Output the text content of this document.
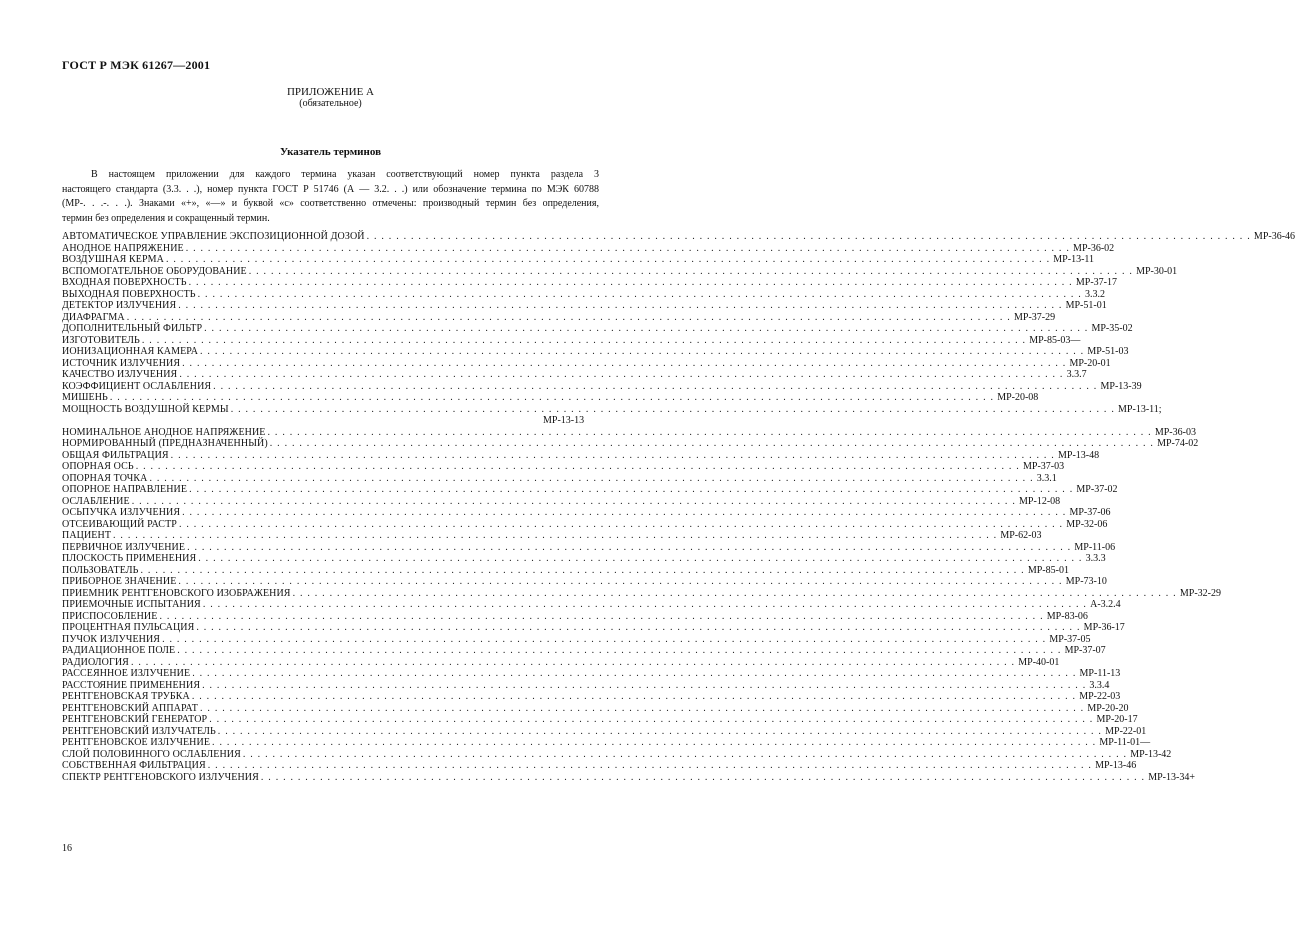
ГОСТ Р МЭК 61267—2001
ПРИЛОЖЕНИЕ А
(обязательное)
Указатель терминов
В настоящем приложении для каждого термина указан соответствующий номер пункта раздела 3
настоящего стандарта (3.3. . .), номер пункта ГОСТ Р 51746 (А — 3.2. . .) или обозначение термина по МЭК 60788
(МР-. . .-. . .). Знаками «+», «—» и буквой «с» соответственно отмечены: производный термин без определения,
термин без определения и сокращенный термин.
АВТОМАТИЧЕСКОЕ УПРАВЛЕНИЕ ЭКСПОЗИЦИОННОЙ ДОЗОЙ . . . . . . . . . . . . . . . . . . . . . . . . . . . . . . . . . . . . . . . . . . . . . . . . . . . . . . . . . . . . . . . . . . . . . . . . . . . . . . . . . . . . . . . . . . . . . . . . . . . . . . . . . . . . . . . . . . . . . . . . МР-36-46
АНОДНОЕ НАПРЯЖЕНИЕ . . . . . . . . . . . . . . . . . . . . . . . . . . . . . . . . . . . . . . . . . . . . . . . . . . . . . . . . . . . . . . . . . . . . . . . . . . . . . . . . . . . . . . . . . . . . . . . . . . . . . . . . . . . . . . . . . . . . . . . . МР-36-02
ВОЗДУШНАЯ КЕРМА . . . . . . . . . . . . . . . . . . . . . . . . . . . . . . . . . . . . . . . . . . . . . . . . . . . . . . . . . . . . . . . . . . . . . . . . . . . . . . . . . . . . . . . . . . . . . . . . . . . . . . . . . . . . . . . . . . . . . . . . МР-13-11
ВСПОМОГАТЕЛЬНОЕ ОБОРУДОВАНИЕ . . . . . . . . . . . . . . . . . . . . . . . . . . . . . . . . . . . . . . . . . . . . . . . . . . . . . . . . . . . . . . . . . . . . . . . . . . . . . . . . . . . . . . . . . . . . . . . . . . . . . . . . . . . . . . . . . . . . . . . . МР-30-01
ВХОДНАЯ ПОВЕРХНОСТЬ . . . . . . . . . . . . . . . . . . . . . . . . . . . . . . . . . . . . . . . . . . . . . . . . . . . . . . . . . . . . . . . . . . . . . . . . . . . . . . . . . . . . . . . . . . . . . . . . . . . . . . . . . . . . . . . . . . . . . . . . МР-37-17
ВЫХОДНАЯ ПОВЕРХНОСТЬ . . . . . . . . . . . . . . . . . . . . . . . . . . . . . . . . . . . . . . . . . . . . . . . . . . . . . . . . . . . . . . . . . . . . . . . . . . . . . . . . . . . . . . . . . . . . . . . . . . . . . . . . . . . . . . . . . . . . . . . . 3.3.2
ДЕТЕКТОР ИЗЛУЧЕНИЯ . . . . . . . . . . . . . . . . . . . . . . . . . . . . . . . . . . . . . . . . . . . . . . . . . . . . . . . . . . . . . . . . . . . . . . . . . . . . . . . . . . . . . . . . . . . . . . . . . . . . . . . . . . . . . . . . . . . . . . . . МР-51-01
ДИАФРАГМА . . . . . . . . . . . . . . . . . . . . . . . . . . . . . . . . . . . . . . . . . . . . . . . . . . . . . . . . . . . . . . . . . . . . . . . . . . . . . . . . . . . . . . . . . . . . . . . . . . . . . . . . . . . . . . . . . . . . . . . . МР-37-29
ДОПОЛНИТЕЛЬНЫЙ ФИЛЬТР . . . . . . . . . . . . . . . . . . . . . . . . . . . . . . . . . . . . . . . . . . . . . . . . . . . . . . . . . . . . . . . . . . . . . . . . . . . . . . . . . . . . . . . . . . . . . . . . . . . . . . . . . . . . . . . . . . . . . . . . МР-35-02
ИЗГОТОВИТЕЛЬ . . . . . . . . . . . . . . . . . . . . . . . . . . . . . . . . . . . . . . . . . . . . . . . . . . . . . . . . . . . . . . . . . . . . . . . . . . . . . . . . . . . . . . . . . . . . . . . . . . . . . . . . . . . . . . . . . . . . . . . . МР-85-03—
ИОНИЗАЦИОННАЯ КАМЕРА . . . . . . . . . . . . . . . . . . . . . . . . . . . . . . . . . . . . . . . . . . . . . . . . . . . . . . . . . . . . . . . . . . . . . . . . . . . . . . . . . . . . . . . . . . . . . . . . . . . . . . . . . . . . . . . . . . . . . . . . МР-51-03
ИСТОЧНИК ИЗЛУЧЕНИЯ . . . . . . . . . . . . . . . . . . . . . . . . . . . . . . . . . . . . . . . . . . . . . . . . . . . . . . . . . . . . . . . . . . . . . . . . . . . . . . . . . . . . . . . . . . . . . . . . . . . . . . . . . . . . . . . . . . . . . . . . МР-20-01
КАЧЕСТВО ИЗЛУЧЕНИЯ . . . . . . . . . . . . . . . . . . . . . . . . . . . . . . . . . . . . . . . . . . . . . . . . . . . . . . . . . . . . . . . . . . . . . . . . . . . . . . . . . . . . . . . . . . . . . . . . . . . . . . . . . . . . . . . . . . . . . . . . 3.3.7
КОЭФФИЦИЕНТ ОСЛАБЛЕНИЯ . . . . . . . . . . . . . . . . . . . . . . . . . . . . . . . . . . . . . . . . . . . . . . . . . . . . . . . . . . . . . . . . . . . . . . . . . . . . . . . . . . . . . . . . . . . . . . . . . . . . . . . . . . . . . . . . . . . . . . . . МР-13-39
МИШЕНЬ . . . . . . . . . . . . . . . . . . . . . . . . . . . . . . . . . . . . . . . . . . . . . . . . . . . . . . . . . . . . . . . . . . . . . . . . . . . . . . . . . . . . . . . . . . . . . . . . . . . . . . . . . . . . . . . . . . . . . . . . МР-20-08
МОЩНОСТЬ ВОЗДУШНОЙ КЕРМЫ . . . . . . . . . . . . . . . . . . . . . . . . . . . . . . . . . . . . . . . . . . . . . . . . . . . . . . . . . . . . . . . . . . . . . . . . . . . . . . . . . . . . . . . . . . . . . . . . . . . . . . . . . . . . . . . . . . . . . . . . МР-13-11;
МР-13-13
НОМИНАЛЬНОЕ АНОДНОЕ НАПРЯЖЕНИЕ . . . . . . . . . . . . . . . . . . . . . . . . . . . . . . . . . . . . . . . . . . . . . . . . . . . . . . . . . . . . . . . . . . . . . . . . . . . . . . . . . . . . . . . . . . . . . . . . . . . . . . . . . . . . . . . . . . . . . . . . МР-36-03
НОРМИРОВАННЫЙ (ПРЕДНАЗНАЧЕННЫЙ) . . . . . . . . . . . . . . . . . . . . . . . . . . . . . . . . . . . . . . . . . . . . . . . . . . . . . . . . . . . . . . . . . . . . . . . . . . . . . . . . . . . . . . . . . . . . . . . . . . . . . . . . . . . . . . . . . . . . . . . . МР-74-02
ОБЩАЯ ФИЛЬТРАЦИЯ . . . . . . . . . . . . . . . . . . . . . . . . . . . . . . . . . . . . . . . . . . . . . . . . . . . . . . . . . . . . . . . . . . . . . . . . . . . . . . . . . . . . . . . . . . . . . . . . . . . . . . . . . . . . . . . . . . . . . . . . МР-13-48
ОПОРНАЯ ОСЬ . . . . . . . . . . . . . . . . . . . . . . . . . . . . . . . . . . . . . . . . . . . . . . . . . . . . . . . . . . . . . . . . . . . . . . . . . . . . . . . . . . . . . . . . . . . . . . . . . . . . . . . . . . . . . . . . . . . . . . . . МР-37-03
ОПОРНАЯ ТОЧКА . . . . . . . . . . . . . . . . . . . . . . . . . . . . . . . . . . . . . . . . . . . . . . . . . . . . . . . . . . . . . . . . . . . . . . . . . . . . . . . . . . . . . . . . . . . . . . . . . . . . . . . . . . . . . . . . . . . . . . . . 3.3.1
ОПОРНОЕ НАПРАВЛЕНИЕ . . . . . . . . . . . . . . . . . . . . . . . . . . . . . . . . . . . . . . . . . . . . . . . . . . . . . . . . . . . . . . . . . . . . . . . . . . . . . . . . . . . . . . . . . . . . . . . . . . . . . . . . . . . . . . . . . . . . . . . . МР-37-02
ОСЛАБЛЕНИЕ . . . . . . . . . . . . . . . . . . . . . . . . . . . . . . . . . . . . . . . . . . . . . . . . . . . . . . . . . . . . . . . . . . . . . . . . . . . . . . . . . . . . . . . . . . . . . . . . . . . . . . . . . . . . . . . . . . . . . . . . МР-12-08
ОСЬПУЧКА ИЗЛУЧЕНИЯ . . . . . . . . . . . . . . . . . . . . . . . . . . . . . . . . . . . . . . . . . . . . . . . . . . . . . . . . . . . . . . . . . . . . . . . . . . . . . . . . . . . . . . . . . . . . . . . . . . . . . . . . . . . . . . . . . . . . . . . . МР-37-06
ОТСЕИВАЮЩИЙ РАСТР . . . . . . . . . . . . . . . . . . . . . . . . . . . . . . . . . . . . . . . . . . . . . . . . . . . . . . . . . . . . . . . . . . . . . . . . . . . . . . . . . . . . . . . . . . . . . . . . . . . . . . . . . . . . . . . . . . . . . . . . МР-32-06
ПАЦИЕНТ . . . . . . . . . . . . . . . . . . . . . . . . . . . . . . . . . . . . . . . . . . . . . . . . . . . . . . . . . . . . . . . . . . . . . . . . . . . . . . . . . . . . . . . . . . . . . . . . . . . . . . . . . . . . . . . . . . . . . . . . МР-62-03
ПЕРВИЧНОЕ ИЗЛУЧЕНИЕ . . . . . . . . . . . . . . . . . . . . . . . . . . . . . . . . . . . . . . . . . . . . . . . . . . . . . . . . . . . . . . . . . . . . . . . . . . . . . . . . . . . . . . . . . . . . . . . . . . . . . . . . . . . . . . . . . . . . . . . . МР-11-06
ПЛОСКОСТЬ ПРИМЕНЕНИЯ . . . . . . . . . . . . . . . . . . . . . . . . . . . . . . . . . . . . . . . . . . . . . . . . . . . . . . . . . . . . . . . . . . . . . . . . . . . . . . . . . . . . . . . . . . . . . . . . . . . . . . . . . . . . . . . . . . . . . . . . 3.3.3
ПОЛЬЗОВАТЕЛЬ . . . . . . . . . . . . . . . . . . . . . . . . . . . . . . . . . . . . . . . . . . . . . . . . . . . . . . . . . . . . . . . . . . . . . . . . . . . . . . . . . . . . . . . . . . . . . . . . . . . . . . . . . . . . . . . . . . . . . . . . МР-85-01
ПРИБОРНОЕ ЗНАЧЕНИЕ . . . . . . . . . . . . . . . . . . . . . . . . . . . . . . . . . . . . . . . . . . . . . . . . . . . . . . . . . . . . . . . . . . . . . . . . . . . . . . . . . . . . . . . . . . . . . . . . . . . . . . . . . . . . . . . . . . . . . . . . МР-73-10
ПРИЕМНИК РЕНТГЕНОВСКОГО ИЗОБРАЖЕНИЯ . . . . . . . . . . . . . . . . . . . . . . . . . . . . . . . . . . . . . . . . . . . . . . . . . . . . . . . . . . . . . . . . . . . . . . . . . . . . . . . . . . . . . . . . . . . . . . . . . . . . . . . . . . . . . . . . . . . . . . . . МР-32-29
ПРИЕМОЧНЫЕ ИСПЫТАНИЯ . . . . . . . . . . . . . . . . . . . . . . . . . . . . . . . . . . . . . . . . . . . . . . . . . . . . . . . . . . . . . . . . . . . . . . . . . . . . . . . . . . . . . . . . . . . . . . . . . . . . . . . . . . . . . . . . . . . . . . . . А-3.2.4
ПРИСПОСОБЛЕНИЕ . . . . . . . . . . . . . . . . . . . . . . . . . . . . . . . . . . . . . . . . . . . . . . . . . . . . . . . . . . . . . . . . . . . . . . . . . . . . . . . . . . . . . . . . . . . . . . . . . . . . . . . . . . . . . . . . . . . . . . . . МР-83-06
ПРОЦЕНТНАЯ ПУЛЬСАЦИЯ . . . . . . . . . . . . . . . . . . . . . . . . . . . . . . . . . . . . . . . . . . . . . . . . . . . . . . . . . . . . . . . . . . . . . . . . . . . . . . . . . . . . . . . . . . . . . . . . . . . . . . . . . . . . . . . . . . . . . . . . МР-36-17
ПУЧОК ИЗЛУЧЕНИЯ . . . . . . . . . . . . . . . . . . . . . . . . . . . . . . . . . . . . . . . . . . . . . . . . . . . . . . . . . . . . . . . . . . . . . . . . . . . . . . . . . . . . . . . . . . . . . . . . . . . . . . . . . . . . . . . . . . . . . . . . МР-37-05
РАДИАЦИОННОЕ ПОЛЕ . . . . . . . . . . . . . . . . . . . . . . . . . . . . . . . . . . . . . . . . . . . . . . . . . . . . . . . . . . . . . . . . . . . . . . . . . . . . . . . . . . . . . . . . . . . . . . . . . . . . . . . . . . . . . . . . . . . . . . . . МР-37-07
РАДИОЛОГИЯ . . . . . . . . . . . . . . . . . . . . . . . . . . . . . . . . . . . . . . . . . . . . . . . . . . . . . . . . . . . . . . . . . . . . . . . . . . . . . . . . . . . . . . . . . . . . . . . . . . . . . . . . . . . . . . . . . . . . . . . . МР-40-01
РАССЕЯННОЕ ИЗЛУЧЕНИЕ . . . . . . . . . . . . . . . . . . . . . . . . . . . . . . . . . . . . . . . . . . . . . . . . . . . . . . . . . . . . . . . . . . . . . . . . . . . . . . . . . . . . . . . . . . . . . . . . . . . . . . . . . . . . . . . . . . . . . . . . МР-11-13
РАССТОЯНИЕ ПРИМЕНЕНИЯ . . . . . . . . . . . . . . . . . . . . . . . . . . . . . . . . . . . . . . . . . . . . . . . . . . . . . . . . . . . . . . . . . . . . . . . . . . . . . . . . . . . . . . . . . . . . . . . . . . . . . . . . . . . . . . . . . . . . . . . . 3.3.4
РЕНТГЕНОВСКАЯ ТРУБКА . . . . . . . . . . . . . . . . . . . . . . . . . . . . . . . . . . . . . . . . . . . . . . . . . . . . . . . . . . . . . . . . . . . . . . . . . . . . . . . . . . . . . . . . . . . . . . . . . . . . . . . . . . . . . . . . . . . . . . . . МР-22-03
РЕНТГЕНОВСКИЙ АППАРАТ . . . . . . . . . . . . . . . . . . . . . . . . . . . . . . . . . . . . . . . . . . . . . . . . . . . . . . . . . . . . . . . . . . . . . . . . . . . . . . . . . . . . . . . . . . . . . . . . . . . . . . . . . . . . . . . . . . . . . . . . МР-20-20
РЕНТГЕНОВСКИЙ ГЕНЕРАТОР . . . . . . . . . . . . . . . . . . . . . . . . . . . . . . . . . . . . . . . . . . . . . . . . . . . . . . . . . . . . . . . . . . . . . . . . . . . . . . . . . . . . . . . . . . . . . . . . . . . . . . . . . . . . . . . . . . . . . . . . МР-20-17
РЕНТГЕНОВСКИЙ ИЗЛУЧАТЕЛЬ . . . . . . . . . . . . . . . . . . . . . . . . . . . . . . . . . . . . . . . . . . . . . . . . . . . . . . . . . . . . . . . . . . . . . . . . . . . . . . . . . . . . . . . . . . . . . . . . . . . . . . . . . . . . . . . . . . . . . . . . МР-22-01
РЕНТГЕНОВСКОЕ ИЗЛУЧЕНИЕ . . . . . . . . . . . . . . . . . . . . . . . . . . . . . . . . . . . . . . . . . . . . . . . . . . . . . . . . . . . . . . . . . . . . . . . . . . . . . . . . . . . . . . . . . . . . . . . . . . . . . . . . . . . . . . . . . . . . . . . . МР-11-01—
СЛОЙ ПОЛОВИННОГО ОСЛАБЛЕНИЯ . . . . . . . . . . . . . . . . . . . . . . . . . . . . . . . . . . . . . . . . . . . . . . . . . . . . . . . . . . . . . . . . . . . . . . . . . . . . . . . . . . . . . . . . . . . . . . . . . . . . . . . . . . . . . . . . . . . . . . . . МР-13-42
СОБСТВЕННАЯ ФИЛЬТРАЦИЯ . . . . . . . . . . . . . . . . . . . . . . . . . . . . . . . . . . . . . . . . . . . . . . . . . . . . . . . . . . . . . . . . . . . . . . . . . . . . . . . . . . . . . . . . . . . . . . . . . . . . . . . . . . . . . . . . . . . . . . . . МР-13-46
СПЕКТР РЕНТГЕНОВСКОГО ИЗЛУЧЕНИЯ . . . . . . . . . . . . . . . . . . . . . . . . . . . . . . . . . . . . . . . . . . . . . . . . . . . . . . . . . . . . . . . . . . . . . . . . . . . . . . . . . . . . . . . . . . . . . . . . . . . . . . . . . . . . . . . . . . . . . . . . МР-13-34+
16
